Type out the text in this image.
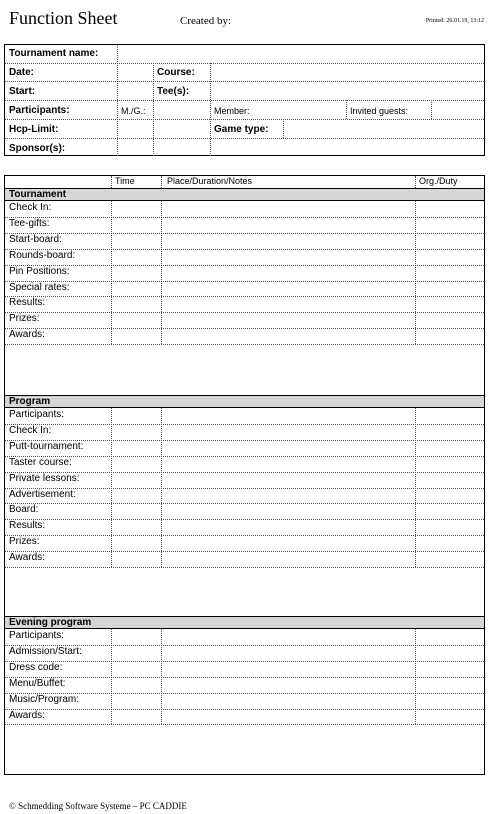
Function Sheet	Created by:	Printed: 26.01.19, 13:12
Tournament name:
Date:	Course:
Start:	Tee(s):
Participants:	M./G.:	Member:	Invited guests:
Hcp-Limit:	Game type:
Sponsor(s):
Time	Place/Duration/Notes	Org./Duty
Tournament
Check In:
Tee-gifts:
Start-board:
Rounds-board:
Pin Positions:
Special rates:
Results:
Prizes:
Awards:
Program
Participants:
Check In:
Putt-tournament:
Taster course:
Private lessons:
Advertisement:
Board:
Results:
Prizes:
Awards:
Evening program
Participants:
Admission/Start:
Dress code:
Menu/Buffet:
Music/Program:
Awards:
© Schmedding Software Systeme – PC CADDIE
